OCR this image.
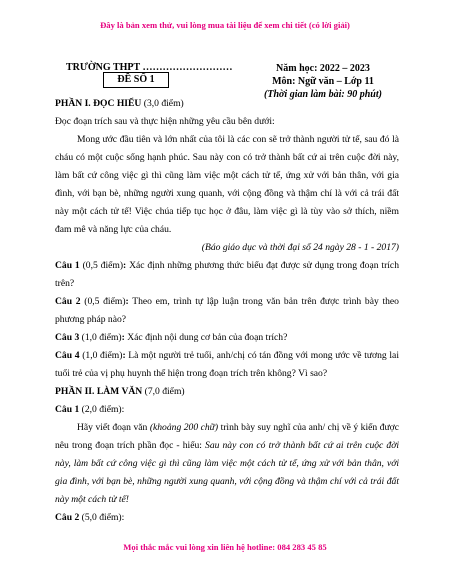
Đây là bản xem thử, vui lòng mua tài liệu để xem chi tiết (có lời giải)
TRƯỜNG THPT ………………………
ĐỀ SỐ 1
Năm học: 2022 – 2023
Môn: Ngữ văn – Lớp 11
(Thời gian làm bài: 90 phút)

PHẦN I. ĐỌC HIỂU (3,0 điểm)

Đọc đoạn trích sau và thực hiện những yêu cầu bên dưới:

Mong ước đầu tiên và lớn nhất của tôi là các con sẽ trở thành người tử tế, sau đó là cháu có một cuộc sống hạnh phúc. Sau này con có trở thành bất cứ ai trên cuộc đời này, làm bất cứ công việc gì thì cũng làm việc một cách tử tế, ứng xử với bản thân, với gia đình, với bạn bè, những người xung quanh, với cộng đồng và thậm chí là với cả trái đất này một cách tử tế! Việc chúa tiếp tục học ở đâu, làm việc gì là tùy vào sở thích, niềm đam mê và năng lực của cháu.

(Báo giáo dục và thời đại số 24 ngày 28 - 1 - 2017)

Câu 1 (0,5 điểm): Xác định những phương thức biểu đạt được sử dụng trong đoạn trích trên?

Câu 2 (0,5 điểm): Theo em, trình tự lập luận trong văn bản trên được trình bày theo phương pháp nào?

Câu 3 (1,0 điểm): Xác định nội dung cơ bản của đoạn trích?

Câu 4 (1,0 điểm): Là một người trẻ tuổi, anh/chị có tán đồng với mong ước về tương lai tuổi trẻ của vị phụ huynh thể hiện trong đoạn trích trên không? Vì sao?

PHẦN II. LÀM VĂN (7,0 điểm)

Câu 1 (2,0 điểm):

Hãy viết đoạn văn (khoảng 200 chữ) trình bày suy nghĩ của anh/ chị về ý kiến được nêu trong đoạn trích phần đọc - hiểu: Sau này con có trở thành bất cứ ai trên cuộc đời này, làm bất cứ công việc gì thì cũng làm việc một cách tử tế, ứng xử với bản thân, với gia đình, với bạn bè, những người xung quanh, với cộng đồng và thậm chí với cả trái đất này một cách tử tế!

Câu 2 (5,0 điểm):

Mọi thắc mắc vui lòng xin liên hệ hotline: 084 283 45 85
